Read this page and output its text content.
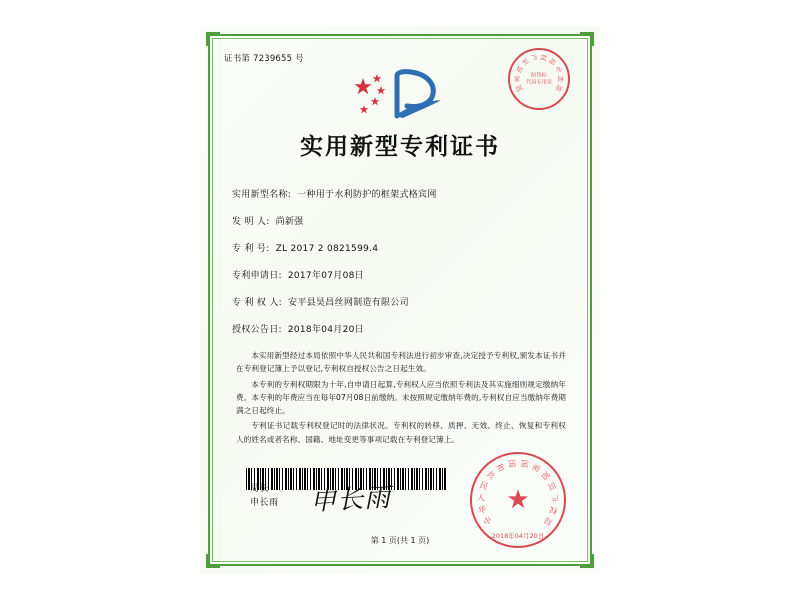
证书第 7239655 号
实用新型专利证书
实用新型名称: 一种用于水利防护的框架式格宾网
发 明 人: 尚新强
专 利 号: ZL 2017 2 0821599.4
专利申请日: 2017年07月08日
专 利 权 人: 安平县昊昌丝网制造有限公司
授权公告日: 2018年04月20日

本实用新型经过本局依照中华人民共和国专利法进行初步审查,决定授予专利权,颁发本证书并在专利登记簿上予以登记,专利权自授权公告之日起生效。

本专利的专利权期限为十年,自申请日起算,专利权人应当依照专利法及其实施细则规定缴纳年费。本专利的年费应当在每年07月08日前缴纳。未按照规定缴纳年费的,专利权自应当缴纳年费期满之日起终止。

专利证书记载专利权登记时的法律状况。专利权的转移、质押、无效、终止、恢复和专利权人的姓名或者名称、国籍、地址变更等事项记载在专利登记簿上。

局长
申长雨 申长雨
第 1 页(共 1 页)
国
家
知
识
产 权 局
专
利
局
防伪标
代码专用章
中
华
人
民
共
和 国 国 家
知
识
产
权
局
★
2018年04月20日
